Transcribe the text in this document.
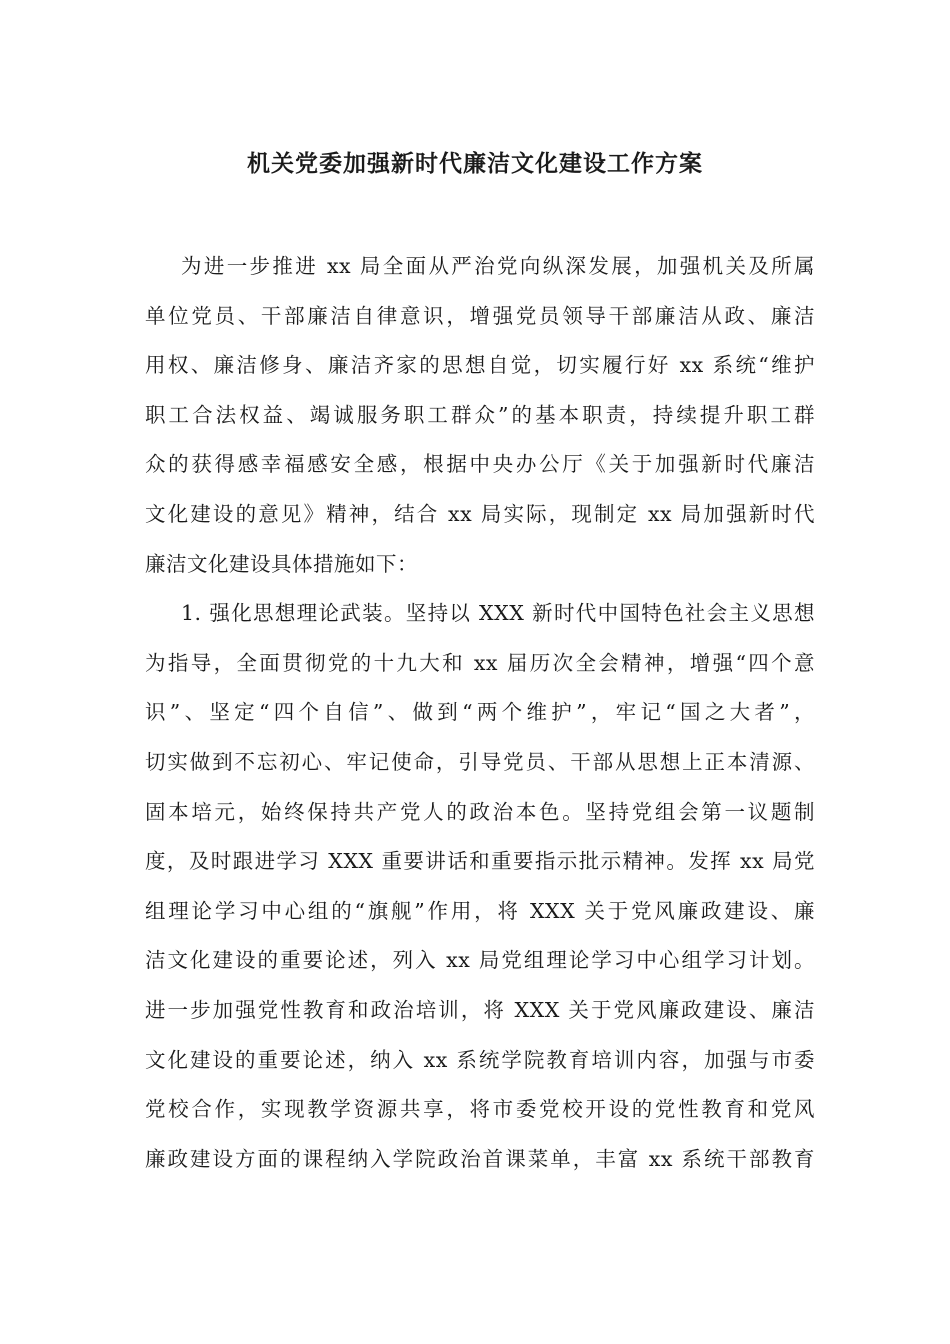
机关党委加强新时代廉洁文化建设工作方案
为进一步推进 xx 局全面从严治党向纵深发展，加强机关及所属
单位党员、干部廉洁自律意识，增强党员领导干部廉洁从政、廉洁
用权、廉洁修身、廉洁齐家的思想自觉，切实履行好 xx 系统“维护
职工合法权益、竭诚服务职工群众”的基本职责，持续提升职工群
众的获得感幸福感安全感，根据中央办公厅《关于加强新时代廉洁
文化建设的意见》精神，结合 xx 局实际，现制定 xx 局加强新时代
廉洁文化建设具体措施如下：
1. 强化思想理论武装。坚持以 XXX 新时代中国特色社会主义思想
为指导，全面贯彻党的十九大和 xx 届历次全会精神，增强“四个意
识”、坚定“四个自信”、做到“两个维护”，牢记“国之大者”，
切实做到不忘初心、牢记使命，引导党员、干部从思想上正本清源、
固本培元，始终保持共产党人的政治本色。坚持党组会第一议题制
度，及时跟进学习 XXX 重要讲话和重要指示批示精神。发挥 xx 局党
组理论学习中心组的“旗舰”作用，将 XXX 关于党风廉政建设、廉
洁文化建设的重要论述，列入 xx 局党组理论学习中心组学习计划。
进一步加强党性教育和政治培训，将 XXX 关于党风廉政建设、廉洁
文化建设的重要论述，纳入 xx 系统学院教育培训内容，加强与市委
党校合作，实现教学资源共享，将市委党校开设的党性教育和党风
廉政建设方面的课程纳入学院政治首课菜单，丰富 xx 系统干部教育
